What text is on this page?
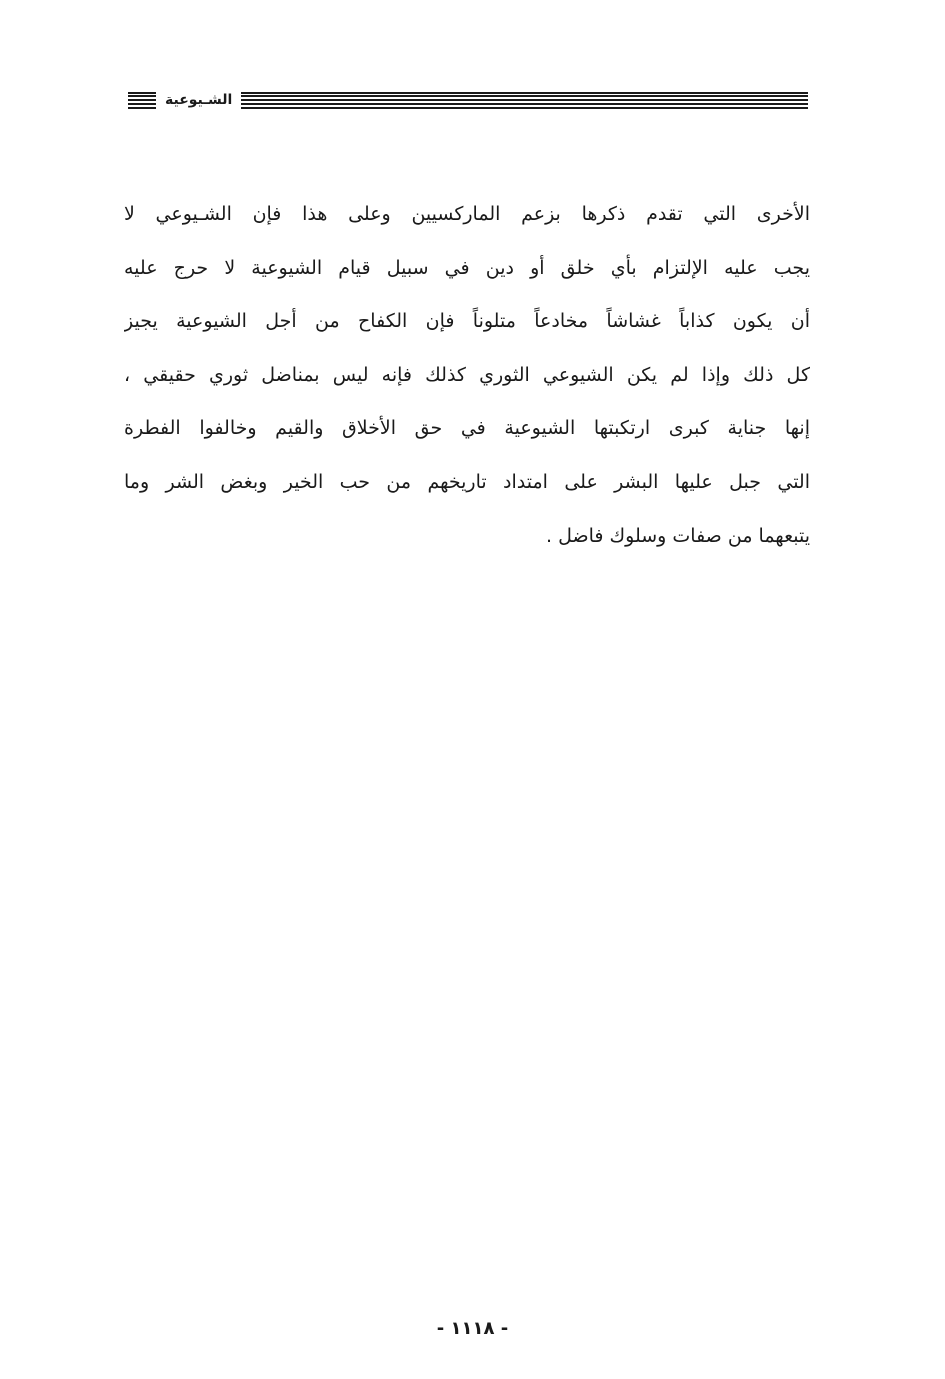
الشـيوعية
الأخرى التي تقدم ذكرها بزعم الماركسيين وعلى هذا فإن الشـيوعي لا
يجب عليه الإلتزام بأي خلق أو دين في سبيل قيام الشيوعية لا حرج عليه
أن يكون كذاباً غشاشاً مخادعاً متلوناً فإن الكفاح من أجل الشيوعية يجيز
كل ذلك وإذا لم يكن الشيوعي الثوري كذلك فإنه ليس بمناضل ثوري حقيقي ،
إنها جناية كبرى ارتكبتها الشيوعية في حق الأخلاق والقيم وخالفوا الفطرة
التي جبل عليها البشر على امتداد تاريخهم من حب الخير وبغض الشر وما
يتبعهما من صفات وسلوك فاضل .
- ١١١٨ -
